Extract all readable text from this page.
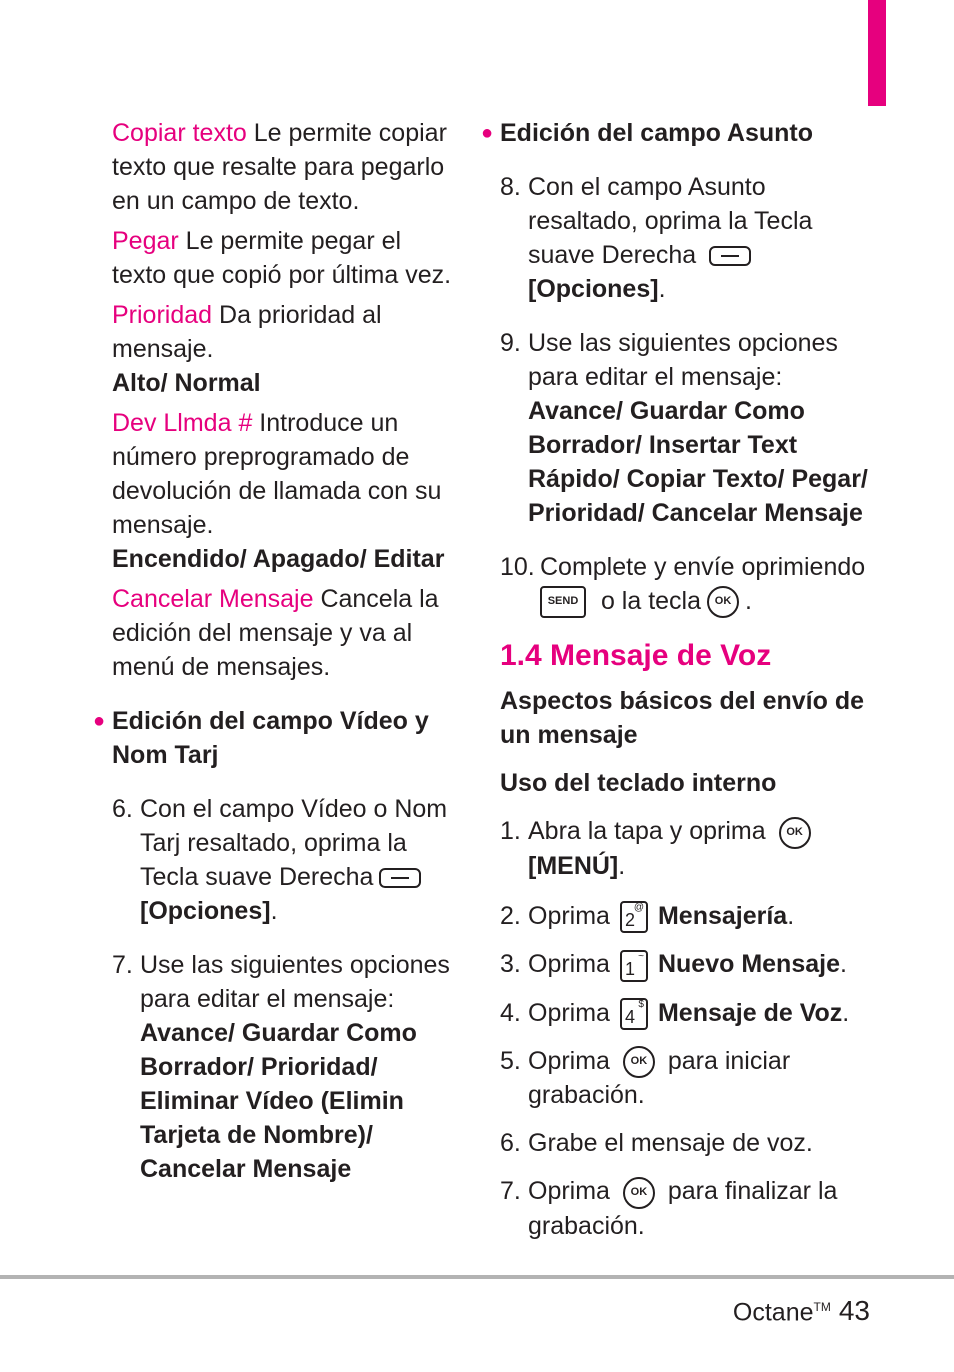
Copiar texto Le permite copiar texto que resalte para pegarlo en un campo de texto.

Pegar Le permite pegar el texto que copió por última vez.

Prioridad Da prioridad al mensaje.

Alto/ Normal

Dev Llmda # Introduce un número preprogramado de devolución de llamada con su mensaje.

Encendido/ Apagado/ Editar

Cancelar Mensaje Cancela la edición del mensaje y va al menú de mensajes.

● Edición del campo Vídeo y Nom Tarj

6. Con el campo Vídeo o Nom Tarj resaltado, oprima la Tecla suave Derecha[Opciones].

7. Use las siguientes opciones para editar el mensaje:

Avance/ Guardar Como Borrador/ Prioridad/ Eliminar Vídeo (Elimin Tarjeta de Nombre)/ Cancelar Mensaje

● Edición del campo Asunto

8. Con el campo Asunto resaltado, oprima la Tecla suave Derecha [Opciones].

9. Use las siguientes opciones para editar el mensaje:

Avance/ Guardar Como Borrador/ Insertar Text Rápido/ Copiar Texto/ Pegar/ Prioridad/ Cancelar Mensaje

10. Complete y envíe oprimiendo
SEND o la tecla OK .

1.4 Mensaje de Voz

Aspectos básicos del envío de un mensaje

Uso del teclado interno

1. Abra la tapa y oprima OK
[MENÚ].

2. Oprima 2
@ Mensajería.

3. Oprima 1
~ Nuevo Mensaje.

4. Oprima 4
$ Mensaje de Voz.

5. Oprima OK para iniciar grabación.

6. Grabe el mensaje de voz.

7. Oprima OK para finalizar la grabación.

Octane™ 43
